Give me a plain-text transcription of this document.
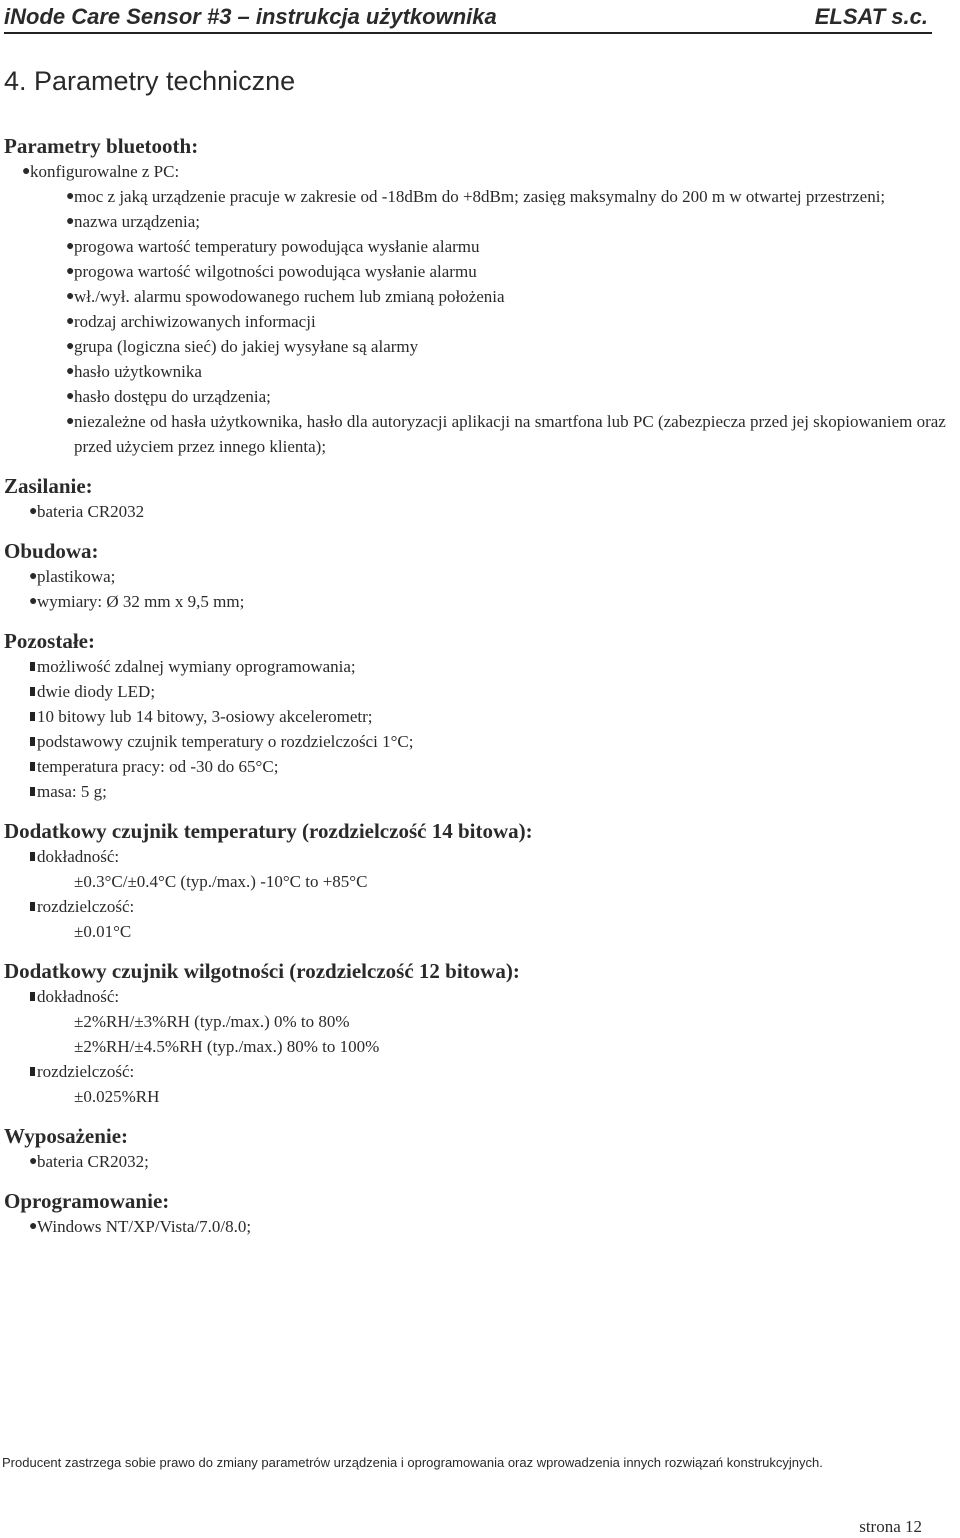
iNode Care Sensor #3 – instrukcja użytkownika	ELSAT s.c.
4. Parametry techniczne
Parametry bluetooth:
● konfigurowalne z PC:
● moc z jaką urządzenie pracuje w zakresie od -18dBm do +8dBm; zasięg maksymalny do 200 m w otwartej przestrzeni;
● nazwa urządzenia;
● progowa wartość temperatury powodująca wysłanie alarmu
● progowa wartość wilgotności powodująca wysłanie alarmu
● wł./wył. alarmu spowodowanego ruchem lub zmianą położenia
● rodzaj archiwizowanych informacji
● grupa (logiczna sieć) do jakiej wysyłane są alarmy
● hasło użytkownika
● hasło dostępu do urządzenia;
● niezależne od hasła użytkownika, hasło dla autoryzacji aplikacji na smartfona lub PC (zabezpiecza przed jej skopiowaniem oraz przed użyciem przez innego klienta);
Zasilanie:
● bateria CR2032
Obudowa:
● plastikowa;
● wymiary: Ø 32 mm x 9,5 mm;
Pozostałe:
możliwość zdalnej wymiany oprogramowania;
dwie diody LED;
10 bitowy lub 14 bitowy, 3-osiowy akcelerometr;
podstawowy czujnik temperatury o rozdzielczości 1°C;
temperatura pracy: od -30 do 65°C;
masa: 5 g;
Dodatkowy czujnik temperatury (rozdzielczość 14 bitowa):
dokładność:
±0.3°C/±0.4°C (typ./max.) -10°C to +85°C
rozdzielczość:
±0.01°C
Dodatkowy czujnik wilgotności (rozdzielczość 12 bitowa):
dokładność:
±2%RH/±3%RH (typ./max.) 0% to 80%
±2%RH/±4.5%RH (typ./max.) 80% to 100%
rozdzielczość:
±0.025%RH
Wyposażenie:
● bateria CR2032;
Oprogramowanie:
● Windows NT/XP/Vista/7.0/8.0;
Producent zastrzega sobie prawo do zmiany parametrów urządzenia i oprogramowania oraz wprowadzenia innych rozwiązań konstrukcyjnych.
strona 12
